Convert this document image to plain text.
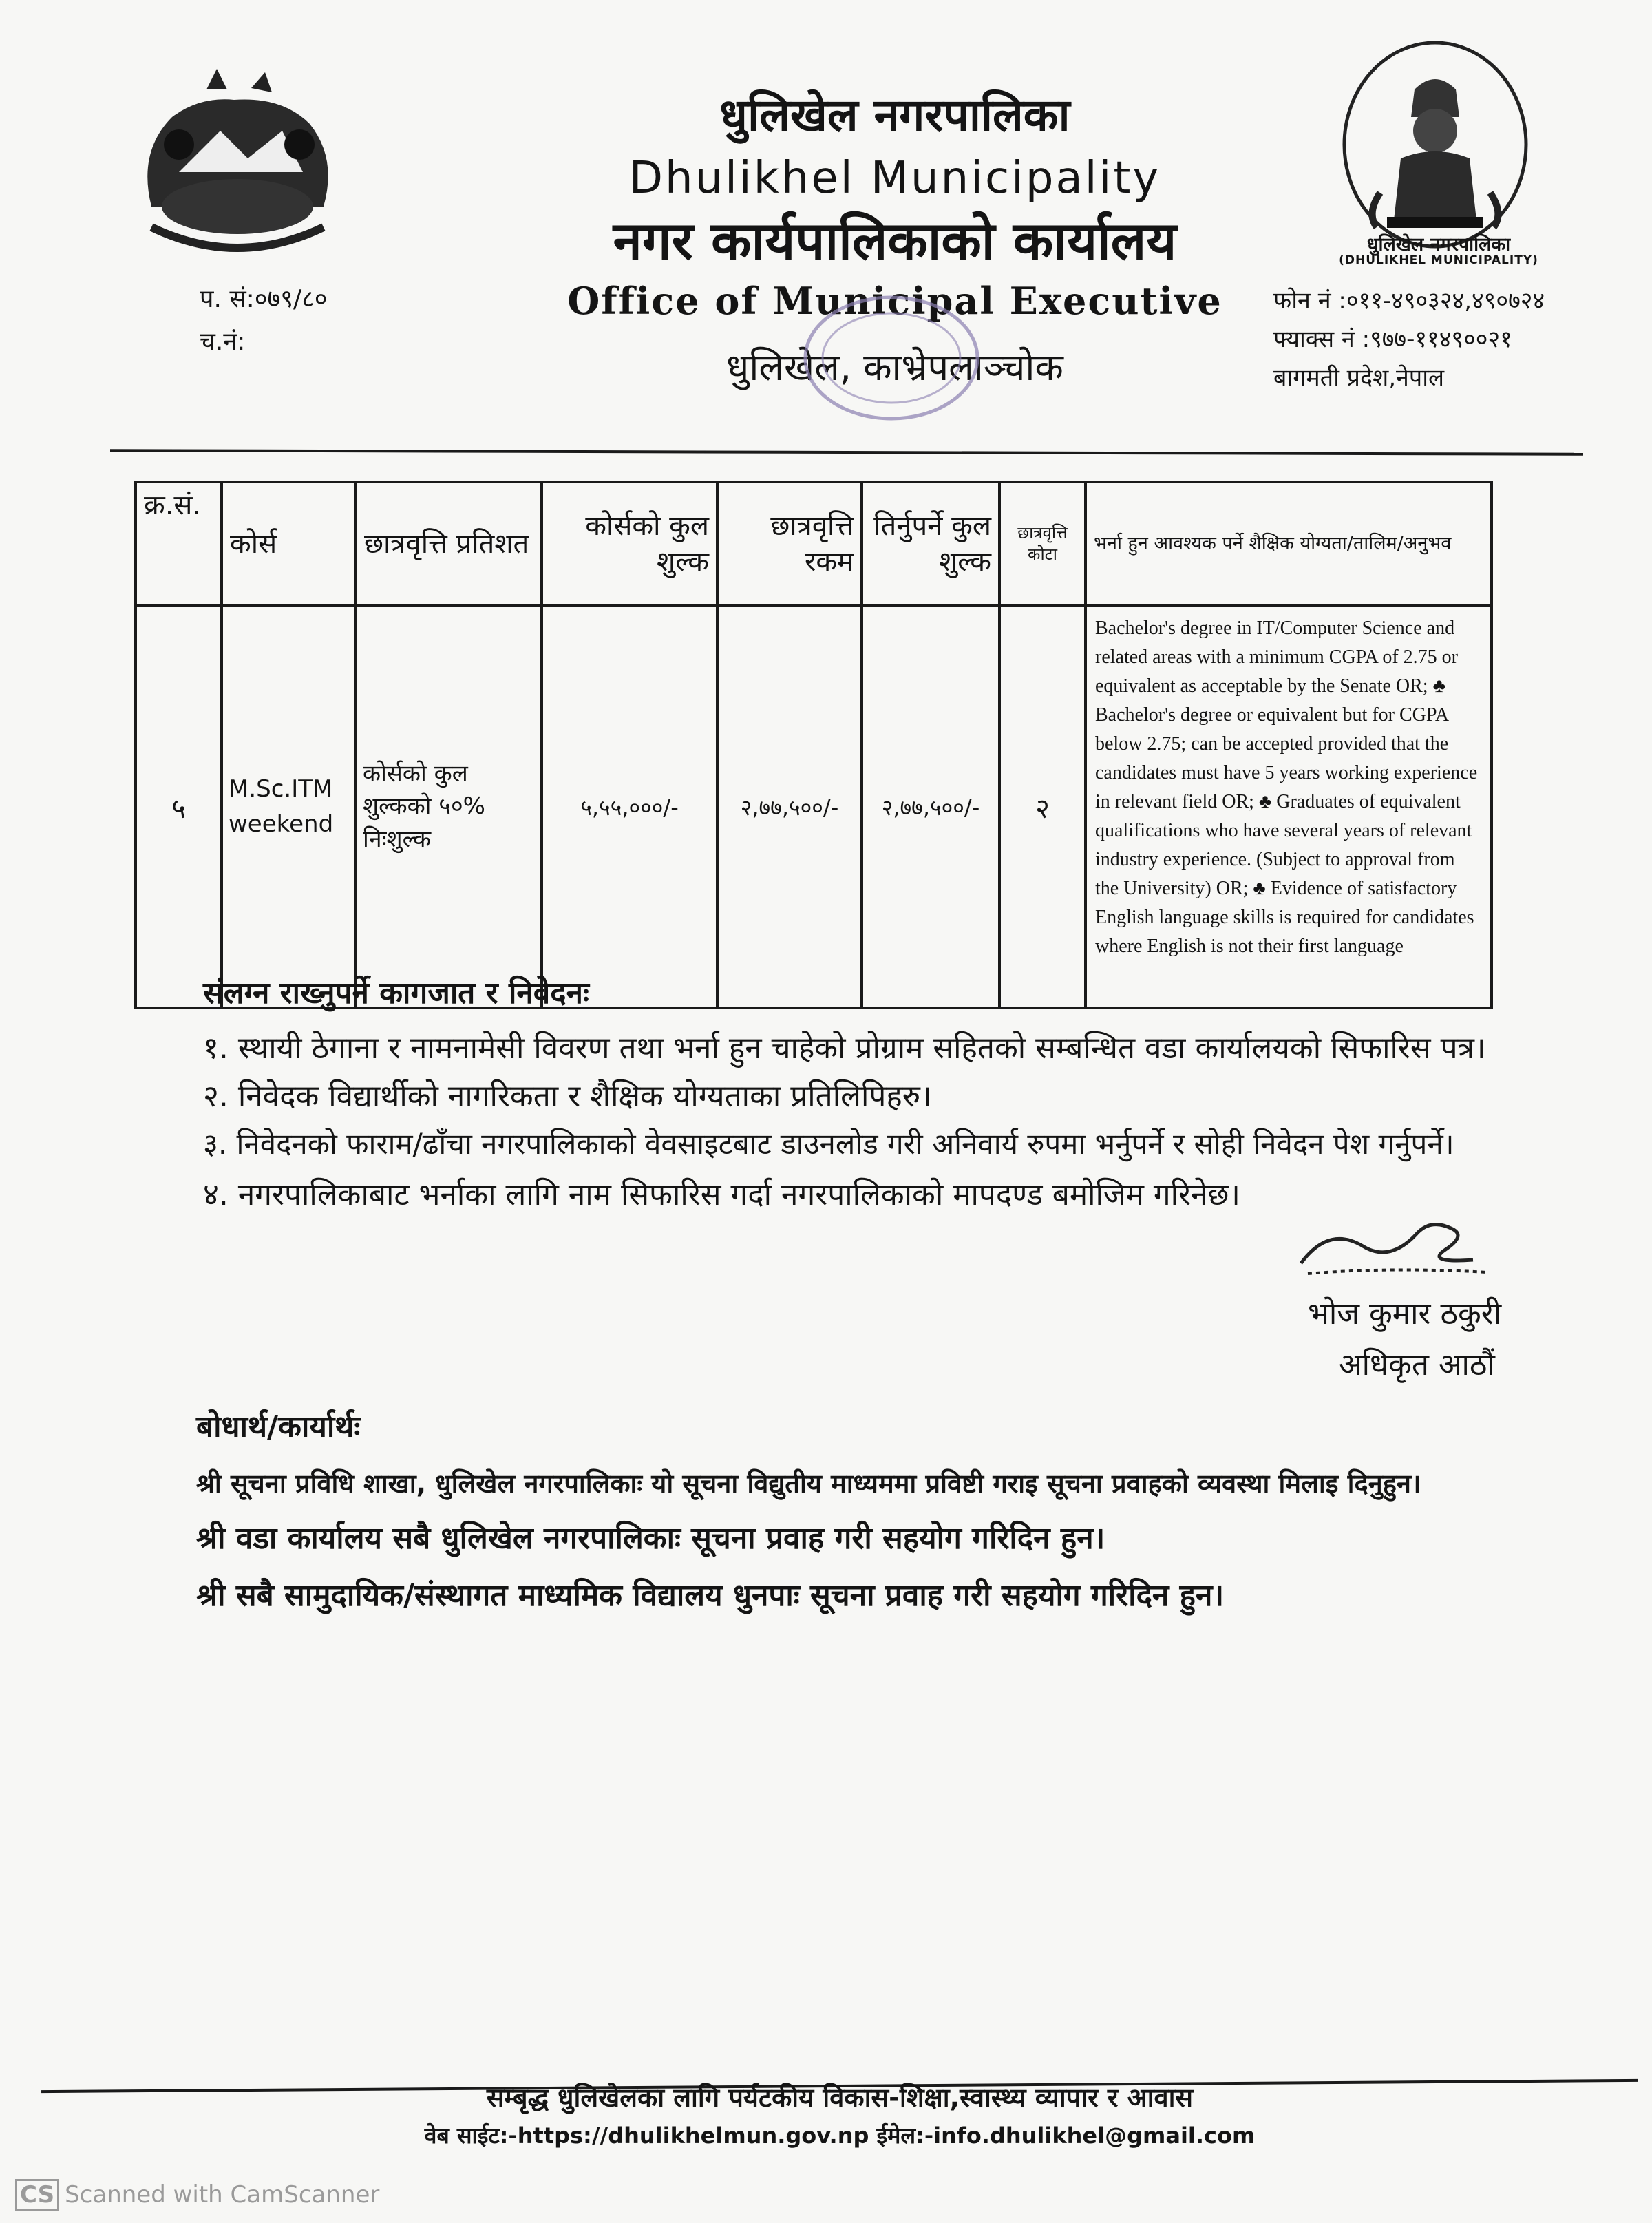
धुलिखेल नगरपालिका
(DHULIKHEL MUNICIPALITY)
धुलिखेल नगरपालिका
Dhulikhel Municipality
नगर कार्यपालिकाको कार्यालय
Office of Municipal Executive
धुलिखेल, काभ्रेपलाञ्चोक
प. सं:०७९/८०
च.नं:
फोन नं :०११-४९०३२४,४९०७२४
फ्याक्स नं :९७७-११४९००२१
बागमती प्रदेश,नेपाल
क्र.सं.	कोर्स	छात्रवृत्ति प्रतिशत	कोर्सको कुल शुल्क	छात्रवृत्ति रकम	तिर्नुपर्ने कुल शुल्क	छात्रवृत्ति कोटा	भर्ना हुन आवश्यक पर्ने शैक्षिक योग्यता/तालिम/अनुभव
५	M.Sc.ITM weekend	कोर्सको कुल शुल्कको ५०% निःशुल्क	५,५५,०००/-	२,७७,५००/-	२,७७,५००/-	२	Bachelor's degree in IT/Computer Science and related areas with a minimum CGPA of 2.75 or equivalent as acceptable by the Senate OR; ♣ Bachelor's degree or equivalent but for CGPA below 2.75; can be accepted provided that the candidates must have 5 years working experience in relevant field OR; ♣ Graduates of equivalent qualifications who have several years of relevant industry experience. (Subject to approval from the University) OR; ♣ Evidence of satisfactory English language skills is required for candidates where English is not their first language
संलग्न राख्नुपर्ने कागजात र निवेदनः
१. स्थायी ठेगाना र नामनामेसी विवरण तथा भर्ना हुन चाहेको प्रोग्राम सहितको सम्बन्धित वडा कार्यालयको सिफारिस पत्र।
२. निवेदक विद्यार्थीको नागरिकता र शैक्षिक योग्यताका प्रतिलिपिहरु।
३. निवेदनको फाराम/ढाँचा नगरपालिकाको वेवसाइटबाट डाउनलोड गरी अनिवार्य रुपमा भर्नुपर्ने र सोही निवेदन पेश गर्नुपर्ने।
४. नगरपालिकाबाट भर्नाका लागि नाम सिफारिस गर्दा नगरपालिकाको मापदण्ड बमोजिम गरिनेछ।
भोज कुमार ठकुरी
अधिकृत आठौं
बोधार्थ/कार्यार्थः
श्री सूचना प्रविधि शाखा, धुलिखेल नगरपालिकाः यो सूचना विद्युतीय माध्यममा प्रविष्टी गराइ सूचना प्रवाहको व्यवस्था मिलाइ दिनुहुन।
श्री वडा कार्यालय सबै धुलिखेल नगरपालिकाः सूचना प्रवाह गरी सहयोग गरिदिन हुन।
श्री सबै सामुदायिक/संस्थागत माध्यमिक विद्यालय धुनपाः सूचना प्रवाह गरी सहयोग गरिदिन हुन।
सम्बृद्ध धुलिखेलका लागि पर्यटकीय विकास-शिक्षा,स्वास्थ्य व्यापार र आवास
वेब साईट:-https://dhulikhelmun.gov.np ईमेल:-info.dhulikhel@gmail.com
CS Scanned with CamScanner
